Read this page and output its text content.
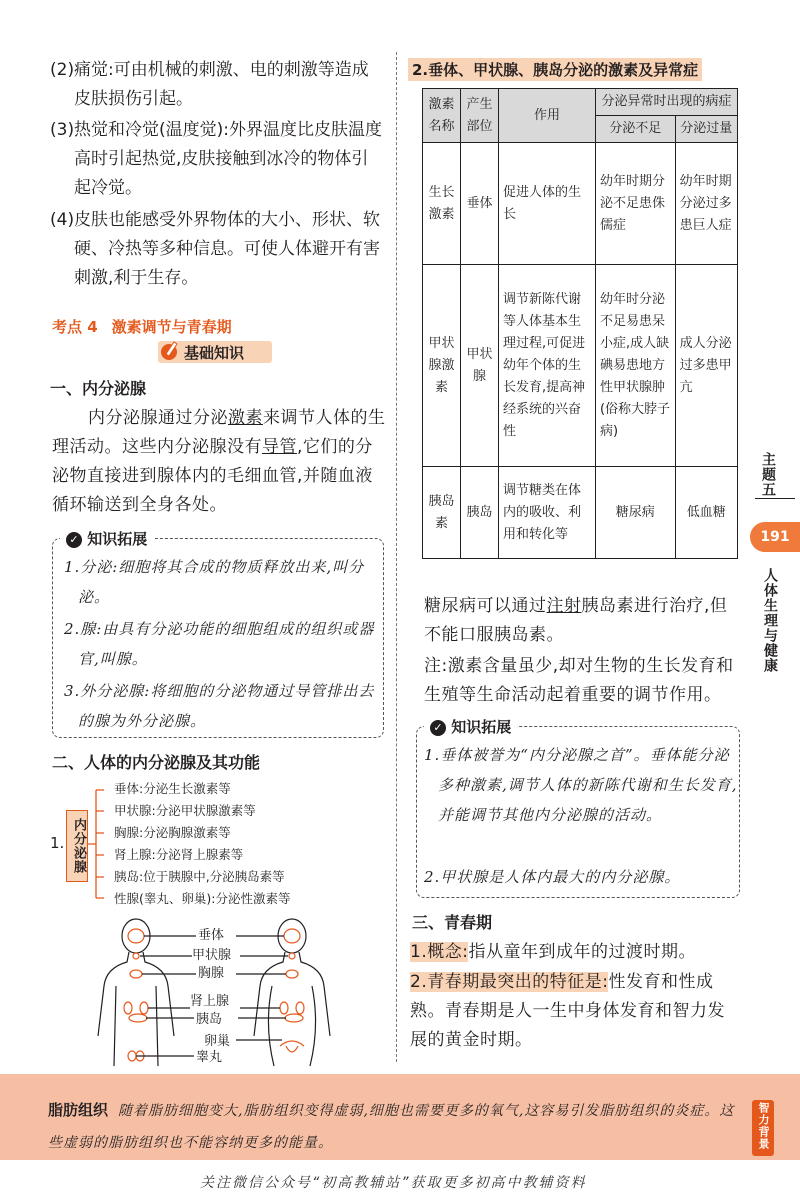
(2) 痛觉:可由机械的刺激、电的刺激等造成皮肤损伤引起。
(3) 热觉和冷觉(温度觉):外界温度比皮肤温度高时引起热觉,皮肤接触到冰冷的物体引起冷觉。
(4) 皮肤也能感受外界物体的大小、形状、软硬、冷热等多种信息。可使人体避开有害刺激,利于生存。
考点 4 激素调节与青春期
基础知识
一、内分泌腺
内分泌腺通过分泌激素来调节人体的生理活动。这些内分泌腺没有导管,它们的分泌物直接进到腺体内的毛细血管,并随血液循环输送到全身各处。
✓ 知识拓展
1.分泌:细胞将其合成的物质释放出来,叫分泌。
2.腺:由具有分泌功能的细胞组成的组织或器官,叫腺。
3.外分泌腺:将细胞的分泌物通过导管排出去的腺为外分泌腺。
二、人体的内分泌腺及其功能
1. 内分泌腺
垂体:分泌生长激素等
甲状腺:分泌甲状腺激素等
胸腺:分泌胸腺激素等
肾上腺:分泌肾上腺素等
胰岛:位于胰腺中,分泌胰岛素等
性腺(睾丸、卵巢):分泌性激素等
垂体
甲状腺
胸腺
肾上腺
胰岛
卵巢
睾丸
2.垂体、甲状腺、胰岛分泌的激素及异常症
激素名称	产生部位	作用	分泌异常时出现的病症	
			分泌不足	分泌过量
生长激素	垂体	促进人体的生长	幼年时期分泌不足患侏儒症	幼年时期分泌过多患巨人症
甲状腺激素	甲状腺	调节新陈代谢等人体基本生理过程,可促进幼年个体的生长发育,提高神经系统的兴奋性	幼年时分泌不足易患呆小症,成人缺碘易患地方性甲状腺肿(俗称大脖子病)	成人分泌过多患甲亢
胰岛素	胰岛	调节糖类在体内的吸收、利用和转化等	糖尿病	低血糖
糖尿病可以通过注射胰岛素进行治疗,但不能口服胰岛素。
注:激素含量虽少,却对生物的生长发育和生殖等生命活动起着重要的调节作用。
✓ 知识拓展
1.垂体被誉为“内分泌腺之首”。垂体能分泌多种激素,调节人体的新陈代谢和生长发育,并能调节其他内分泌腺的活动。
2.甲状腺是人体内最大的内分泌腺。
三、青春期
1.概念:指从童年到成年的过渡时期。
2.青春期最突出的特征是:性发育和性成熟。青春期是人一生中身体发育和智力发展的黄金时期。
主题五
191
人体生理与健康
脂肪组织 随着脂肪细胞变大,脂肪组织变得虚弱,细胞也需要更多的氧气,这容易引发脂肪组织的炎症。这些虚弱的脂肪组织也不能容纳更多的能量。	智力背景
关注微信公众号“初高教辅站”获取更多初高中教辅资料
